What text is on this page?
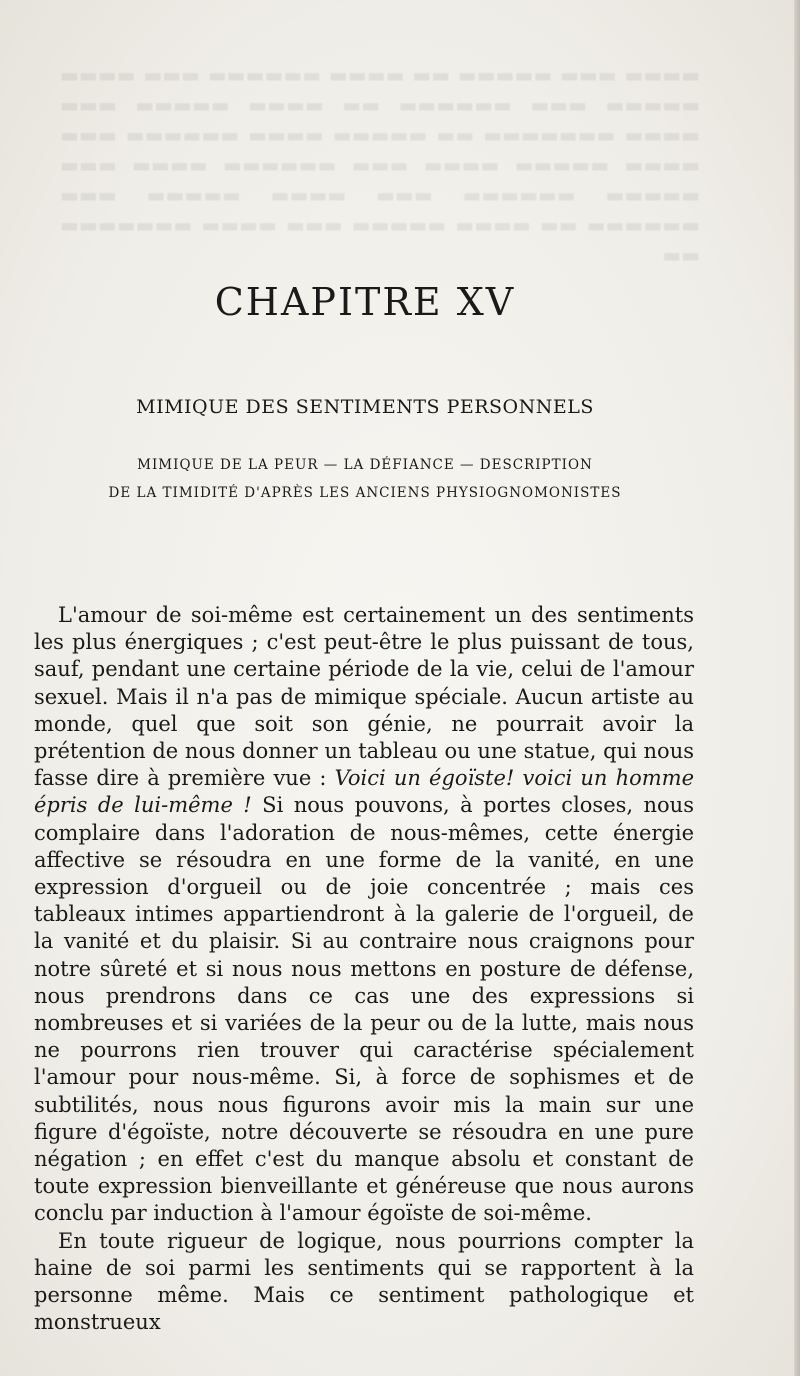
▬▬▬▬ ▬▬▬ ▬▬▬▬▬ ▬▬ ▬▬▬▬ ▬▬▬▬▬▬ ▬▬▬ ▬▬▬▬ ▬▬▬▬▬ ▬▬▬ ▬▬▬▬▬▬ ▬▬ ▬▬▬▬ ▬▬▬▬▬ ▬▬▬ ▬▬▬▬ ▬▬▬▬▬▬▬ ▬▬ ▬▬▬▬▬ ▬▬▬▬ ▬▬▬▬▬▬ ▬▬▬ ▬▬▬▬ ▬▬▬▬▬ ▬▬▬▬ ▬▬▬ ▬▬▬▬▬▬ ▬▬▬▬ ▬▬▬ ▬▬▬▬▬ ▬▬▬▬▬▬ ▬▬▬ ▬▬▬▬ ▬▬▬▬▬ ▬▬▬ ▬▬▬▬▬▬ ▬▬ ▬▬▬▬ ▬▬▬▬▬ ▬▬▬ ▬▬▬▬ ▬▬▬▬▬▬▬ ▬▬
CHAPITRE XV
MIMIQUE DES SENTIMENTS PERSONNELS
MIMIQUE DE LA PEUR — LA DÉFIANCE — DESCRIPTION
DE LA TIMIDITÉ D'APRÈS LES ANCIENS PHYSIOGNOMONISTES

L'amour de soi-même est certainement un des sentiments les plus énergiques ; c'est peut-être le plus puissant de tous, sauf, pendant une certaine période de la vie, celui de l'amour sexuel. Mais il n'a pas de mimique spéciale. Aucun artiste au monde, quel que soit son génie, ne pourrait avoir la prétention de nous donner un tableau ou une statue, qui nous fasse dire à première vue : Voici un égoïste! voici un homme épris de lui-même ! Si nous pouvons, à portes closes, nous complaire dans l'adoration de nous-mêmes, cette énergie affective se résoudra en une forme de la vanité, en une expression d'orgueil ou de joie concentrée ; mais ces tableaux intimes appartiendront à la galerie de l'orgueil, de la vanité et du plaisir. Si au contraire nous craignons pour notre sûreté et si nous nous mettons en posture de défense, nous prendrons dans ce cas une des expressions si nombreuses et si variées de la peur ou de la lutte, mais nous ne pourrons rien trouver qui caractérise spécialement l'amour pour nous-même. Si, à force de sophismes et de subtilités, nous nous figurons avoir mis la main sur une figure d'égoïste, notre découverte se résoudra en une pure négation ; en effet c'est du manque absolu et constant de toute expression bienveillante et généreuse que nous aurons conclu par induction à l'amour égoïste de soi-même.

En toute rigueur de logique, nous pourrions compter la haine de soi parmi les sentiments qui se rapportent à la personne même. Mais ce sentiment pathologique et monstrueux
